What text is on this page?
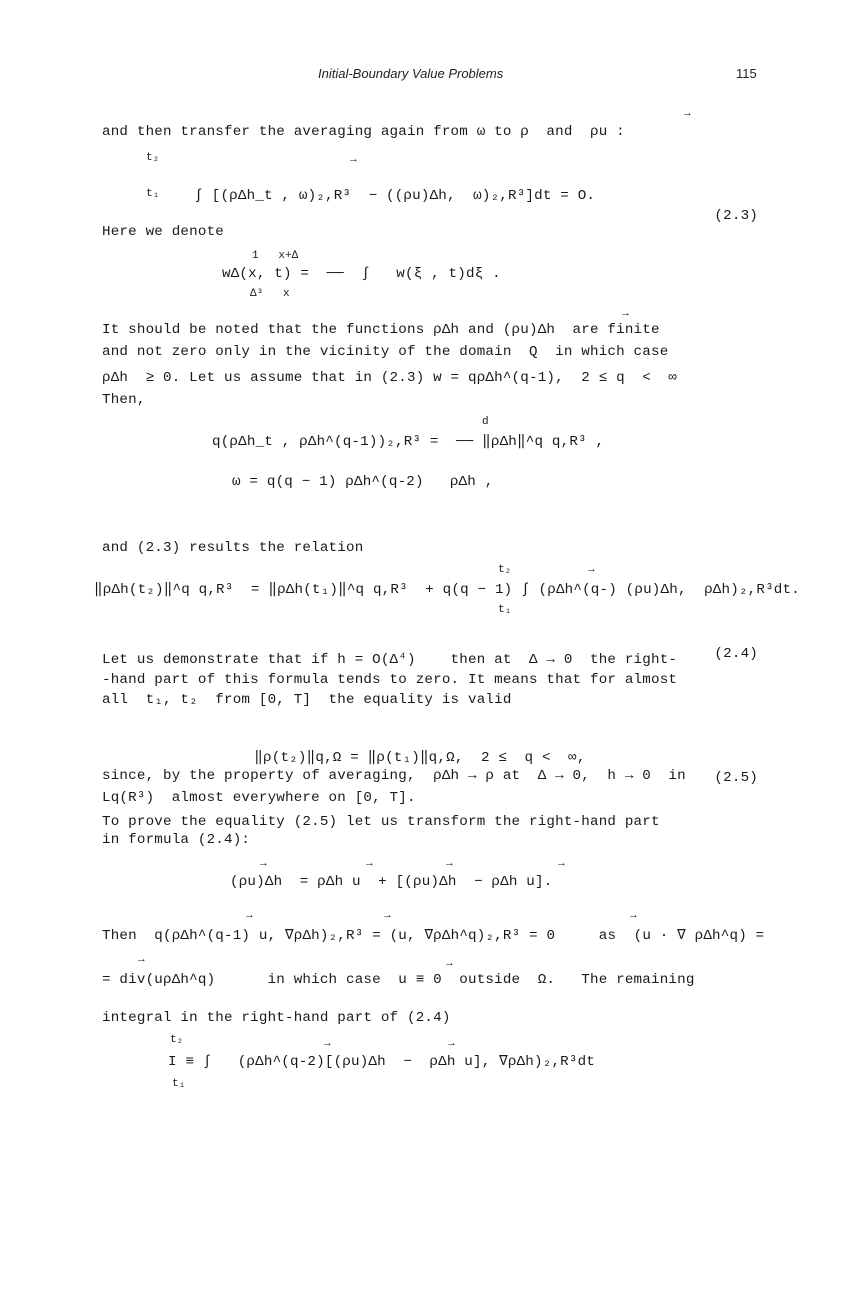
Initial-Boundary Value Problems	115
→
and then transfer the averaging again from ω to ρ  and  ρu :
t₂	→

∫ [(ρΔh_t , ω)₂,R³  − ((ρu)Δh,  ω)₂,R³]dt = O.

(2.3)

t₁
Here we denote
1   x+Δ
wΔ(x, t) =  ──  ∫   w(ξ , t)dξ .
Δ³   x
→
It should be noted that the functions ρΔh and (ρu)Δh  are finite
and not zero only in the vicinity of the domain  Q  in which case
ρΔh  ≥ 0. Let us assume that in (2.3) w = qρΔh^(q-1),  2 ≤ q  <  ∞
Then,
d
q(ρΔh_t , ρΔh^(q-1))₂,R³ =  ── ‖ρΔh‖^q q,R³ ,
ω = q(q − 1) ρΔh^(q-2)   ρΔh ,
and (2.3) results the relation
t₂	→
‖ρΔh(t₂)‖^q q,R³  = ‖ρΔh(t₁)‖^q q,R³  + q(q − 1) ∫ (ρΔh^(q-) (ρu)Δh,  ρΔh)₂,R³dt.
t₁

(2.4)

Let us demonstrate that if h = O(Δ⁴)    then at  Δ → 0  the right-
-hand part of this formula tends to zero. It means that for almost
all  t₁, t₂  from [0, T]  the equality is valid

‖ρ(t₂)‖q,Ω = ‖ρ(t₁)‖q,Ω,  2 ≤  q <  ∞,

(2.5)

since, by the property of averaging,  ρΔh → ρ at  Δ → 0,  h → 0  in
Lq(R³)  almost everywhere on [0, T].
To prove the equality (2.5) let us transform the right-hand part
in formula (2.4):
→	→	→	→
(ρu)Δh  = ρΔh u  + [(ρu)Δh  − ρΔh u].
→	→	→
Then  q(ρΔh^(q-1) u, ∇ρΔh)₂,R³ = (u, ∇ρΔh^q)₂,R³ = 0     as  (u · ∇ ρΔh^q) =
→	→
= div(uρΔh^q)      in which case  u ≡ 0  outside  Ω.   The remaining
integral in the right-hand part of (2.4)
t₂	→	→
I ≡ ∫   (ρΔh^(q-2)[(ρu)Δh  −  ρΔh u], ∇ρΔh)₂,R³dt
t₁
